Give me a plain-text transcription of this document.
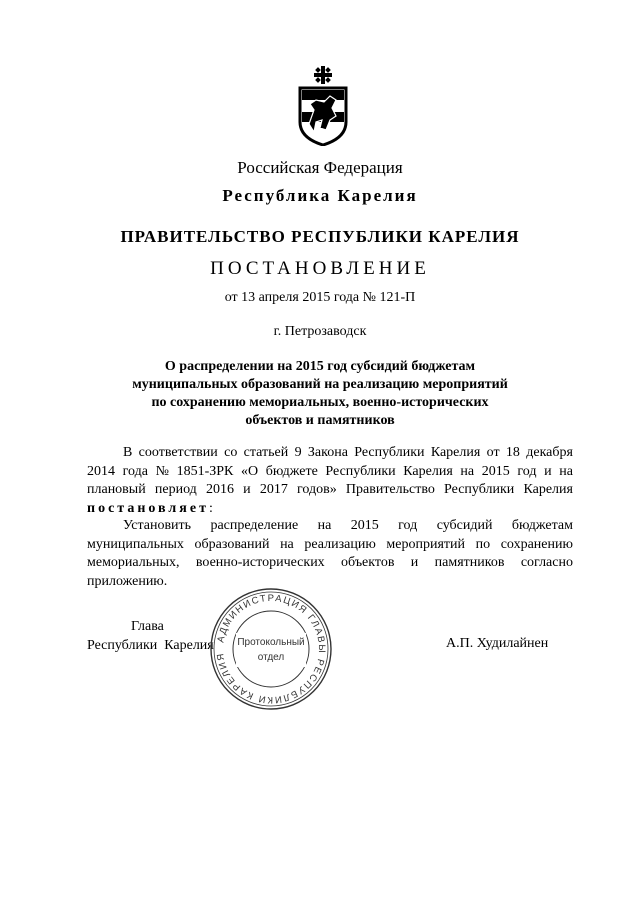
Российская Федерация
Республика Карелия
ПРАВИТЕЛЬСТВО РЕСПУБЛИКИ КАРЕЛИЯ
ПОСТАНОВЛЕНИЕ
от 13 апреля 2015 года № 121-П
г. Петрозаводск
О распределении на 2015 год субсидий бюджетам
муниципальных образований на реализацию мероприятий
по сохранению мемориальных, военно-исторических
объектов и памятников
В соответствии со статьей 9 Закона Республики Карелия от 18 декабря
2014 года № 1851-ЗРК «О бюджете Республики Карелия на 2015 год и на
плановый период 2016 и 2017 годов» Правительство Республики Карелия
постановляет:
Установить распределение на 2015 год субсидий бюджетам
муниципальных образований на реализацию мероприятий по сохранению
мемориальных, военно-исторических объектов и памятников согласно
приложению.
Глава
Республики  Карелия	А.П. Худилайнен
АДМИНИСТРАЦИЯ ГЛАВЫ РЕСПУБЛИКИ КАРЕЛИЯ
Протокольный
отдел
